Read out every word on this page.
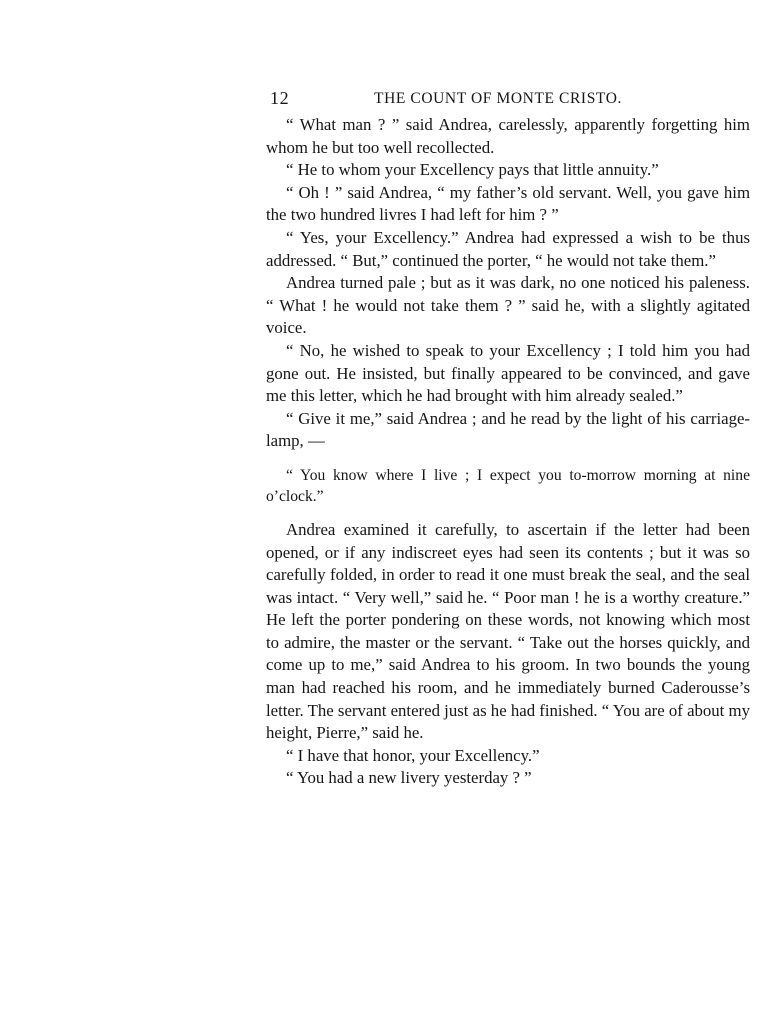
12	THE COUNT OF MONTE CRISTO.

“ What man ? ” said Andrea, carelessly, apparently forgetting him whom he but too well recollected.

“ He to whom your Excellency pays that little annuity.”

“ Oh ! ” said Andrea, “ my father’s old servant. Well, you gave him the two hundred livres I had left for him ? ”

“ Yes, your Excellency.” Andrea had expressed a wish to be thus addressed. “ But,” continued the porter, “ he would not take them.”

Andrea turned pale ; but as it was dark, no one noticed his paleness. “ What ! he would not take them ? ” said he, with a slightly agitated voice.

“ No, he wished to speak to your Excellency ; I told him you had gone out. He insisted, but finally appeared to be convinced, and gave me this letter, which he had brought with him already sealed.”

“ Give it me,” said Andrea ; and he read by the light of his carriage-lamp, —

“ You know where I live ; I expect you to-morrow morning at nine o’clock.”

Andrea examined it carefully, to ascertain if the letter had been opened, or if any indiscreet eyes had seen its contents ; but it was so carefully folded, in order to read it one must break the seal, and the seal was intact. “ Very well,” said he. “ Poor man ! he is a worthy creature.” He left the porter pondering on these words, not knowing which most to admire, the master or the servant. “ Take out the horses quickly, and come up to me,” said Andrea to his groom. In two bounds the young man had reached his room, and he immediately burned Caderousse’s letter. The servant entered just as he had finished. “ You are of about my height, Pierre,” said he.

“ I have that honor, your Excellency.”

“ You had a new livery yesterday ? ”
